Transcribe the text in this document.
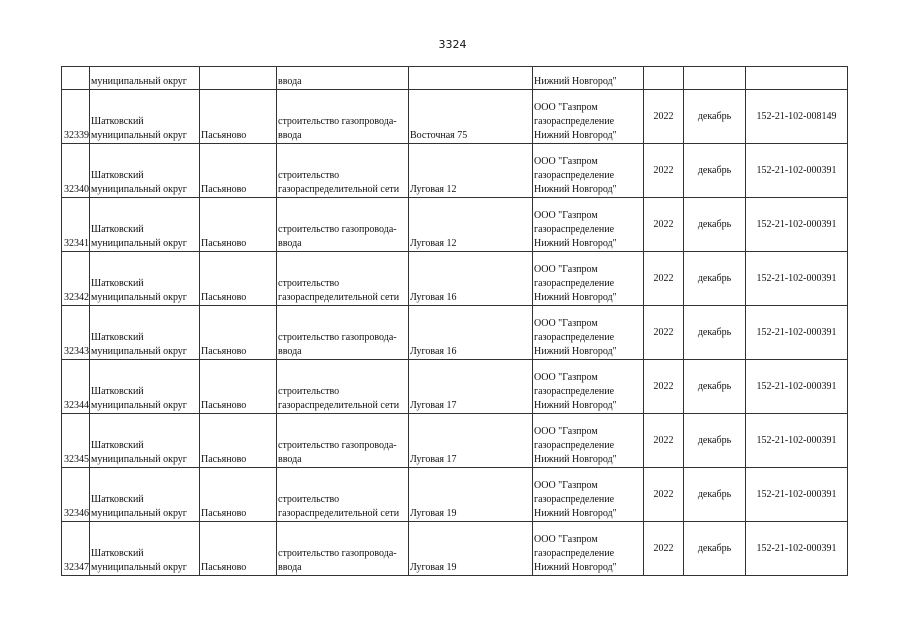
3324
	муниципальный округ		ввода		Нижний Новгород"			
32339	Шатковский муниципальный округ	Пасьяново	строительство газопровода-ввода	Восточная 75	ООО "Газпром газораспределение Нижний Новгород"	2022	декабрь	152-21-102-008149
32340	Шатковский муниципальный округ	Пасьяново	строительство газораспределительной сети	Луговая 12	ООО "Газпром газораспределение Нижний Новгород"	2022	декабрь	152-21-102-000391
32341	Шатковский муниципальный округ	Пасьяново	строительство газопровода-ввода	Луговая 12	ООО "Газпром газораспределение Нижний Новгород"	2022	декабрь	152-21-102-000391
32342	Шатковский муниципальный округ	Пасьяново	строительство газораспределительной сети	Луговая 16	ООО "Газпром газораспределение Нижний Новгород"	2022	декабрь	152-21-102-000391
32343	Шатковский муниципальный округ	Пасьяново	строительство газопровода-ввода	Луговая 16	ООО "Газпром газораспределение Нижний Новгород"	2022	декабрь	152-21-102-000391
32344	Шатковский муниципальный округ	Пасьяново	строительство газораспределительной сети	Луговая 17	ООО "Газпром газораспределение Нижний Новгород"	2022	декабрь	152-21-102-000391
32345	Шатковский муниципальный округ	Пасьяново	строительство газопровода-ввода	Луговая 17	ООО "Газпром газораспределение Нижний Новгород"	2022	декабрь	152-21-102-000391
32346	Шатковский муниципальный округ	Пасьяново	строительство газораспределительной сети	Луговая 19	ООО "Газпром газораспределение Нижний Новгород"	2022	декабрь	152-21-102-000391
32347	Шатковский муниципальный округ	Пасьяново	строительство газопровода-ввода	Луговая 19	ООО "Газпром газораспределение Нижний Новгород"	2022	декабрь	152-21-102-000391
